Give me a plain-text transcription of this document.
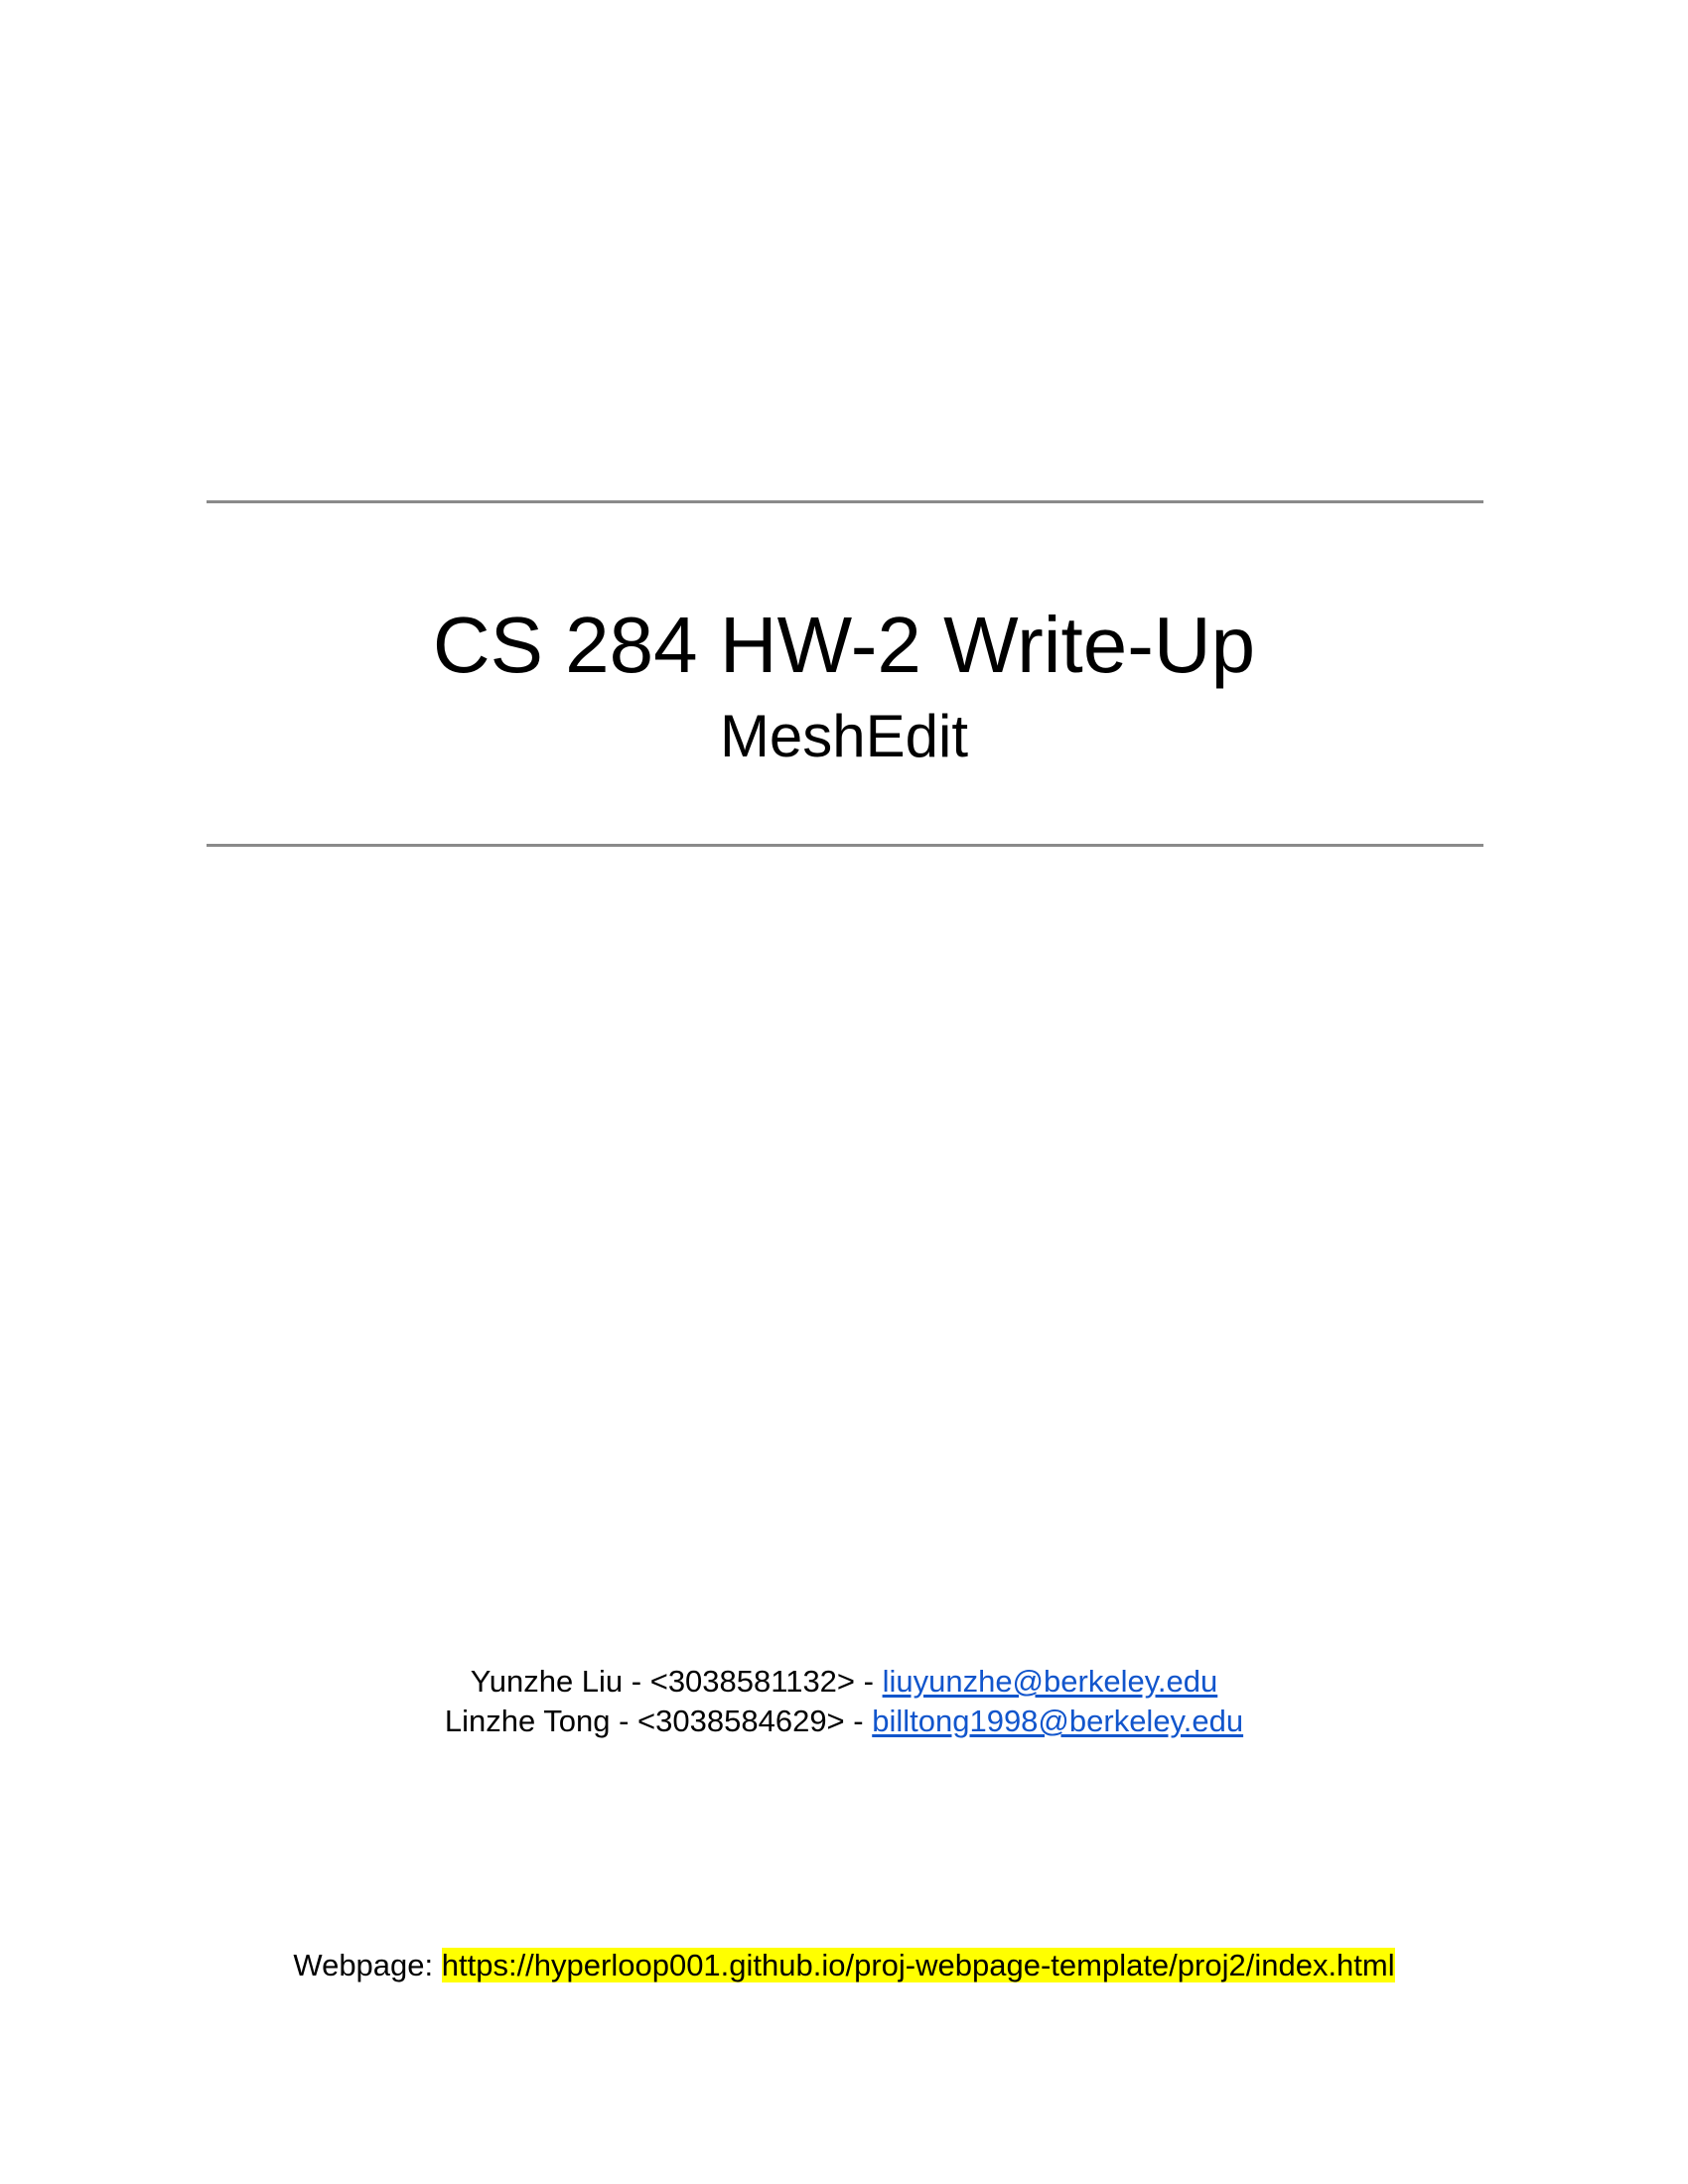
CS 284 HW-2 Write-Up
MeshEdit
Yunzhe Liu - <3038581132> - liuyunzhe@berkeley.edu
Linzhe Tong - <3038584629> - billtong1998@berkeley.edu
Webpage: https://hyperloop001.github.io/proj-webpage-template/proj2/index.html
